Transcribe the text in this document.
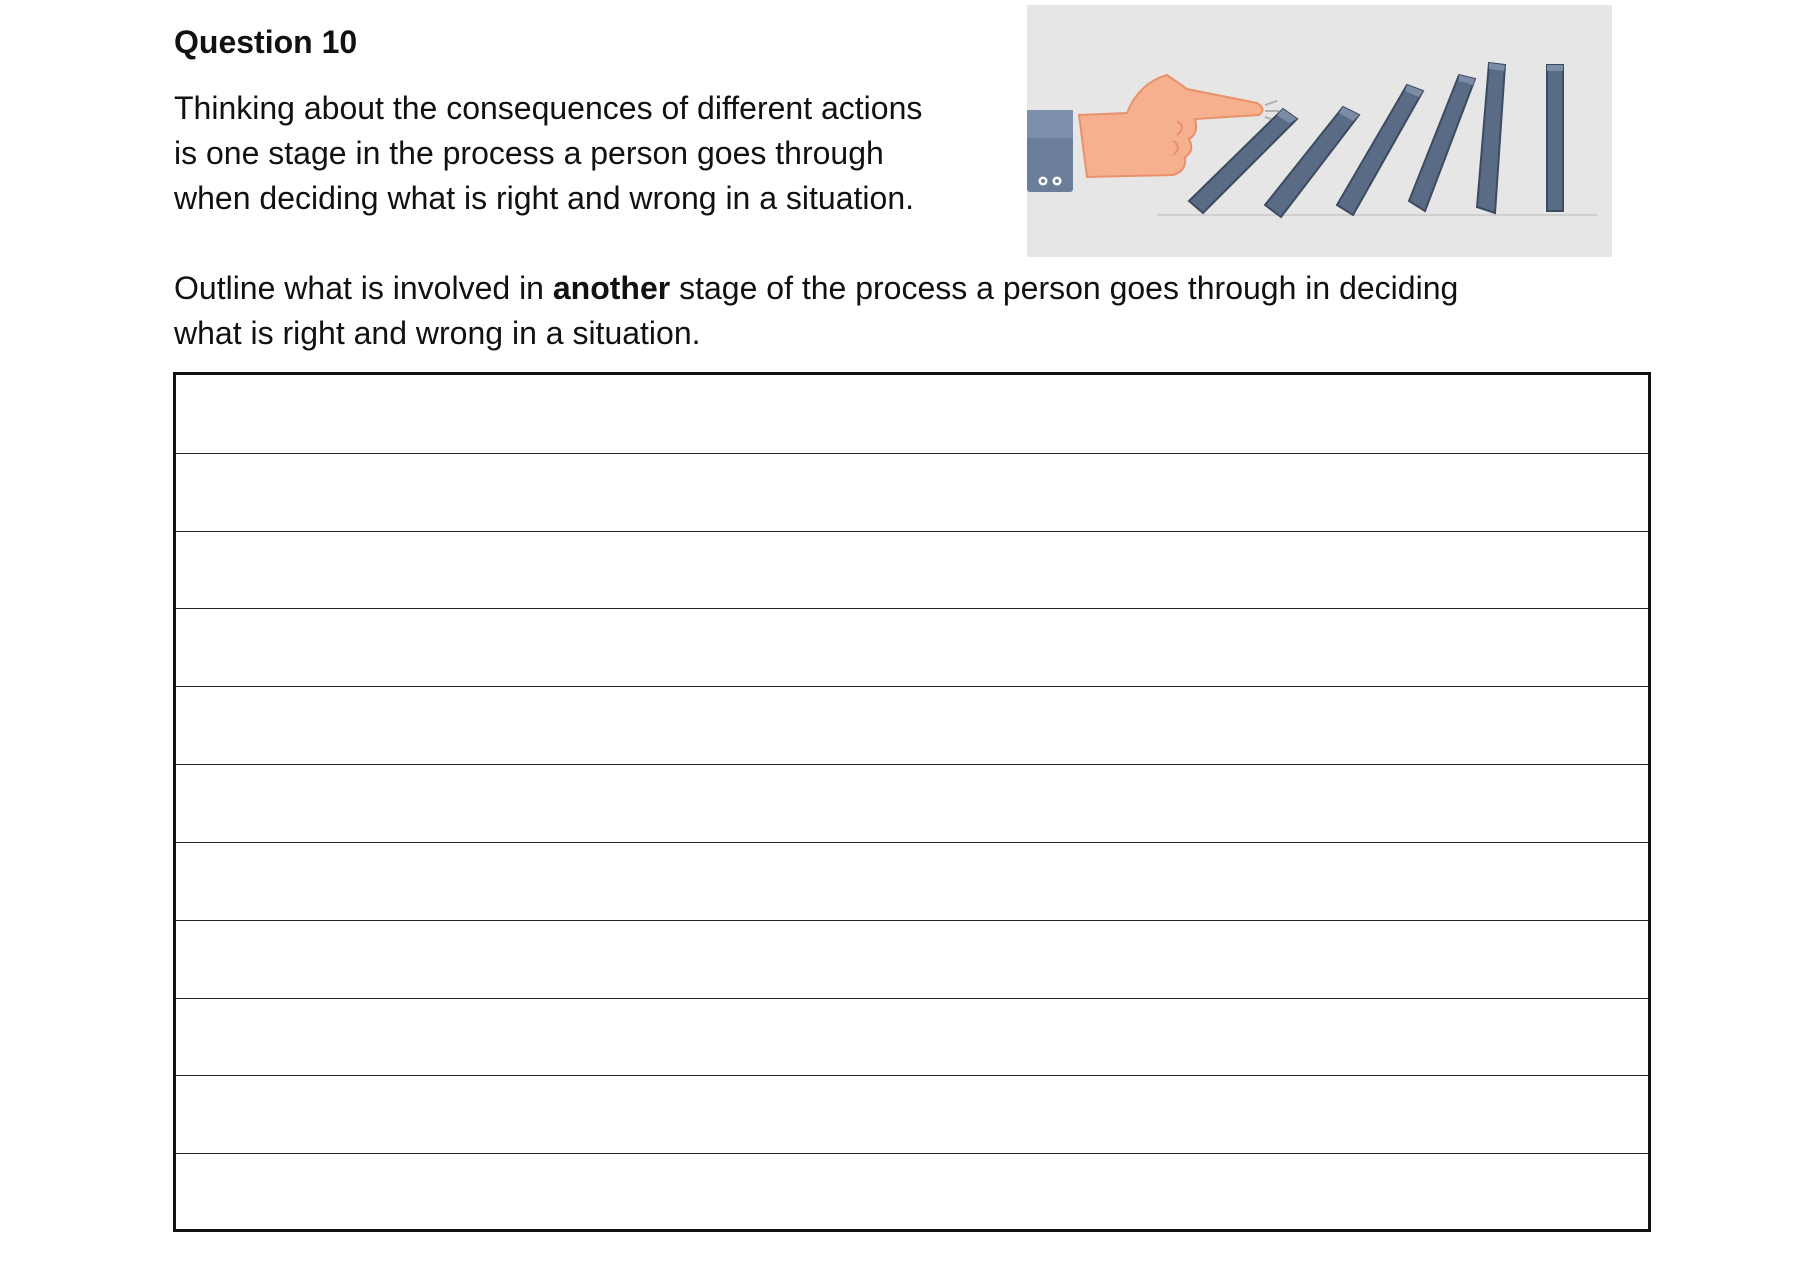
Question 10
Thinking about the consequences of different actions
is one stage in the process a person goes through
when deciding what is right and wrong in a situation.

Outline what is involved in another stage of the process a person goes through in deciding
what is right and wrong in a situation.
